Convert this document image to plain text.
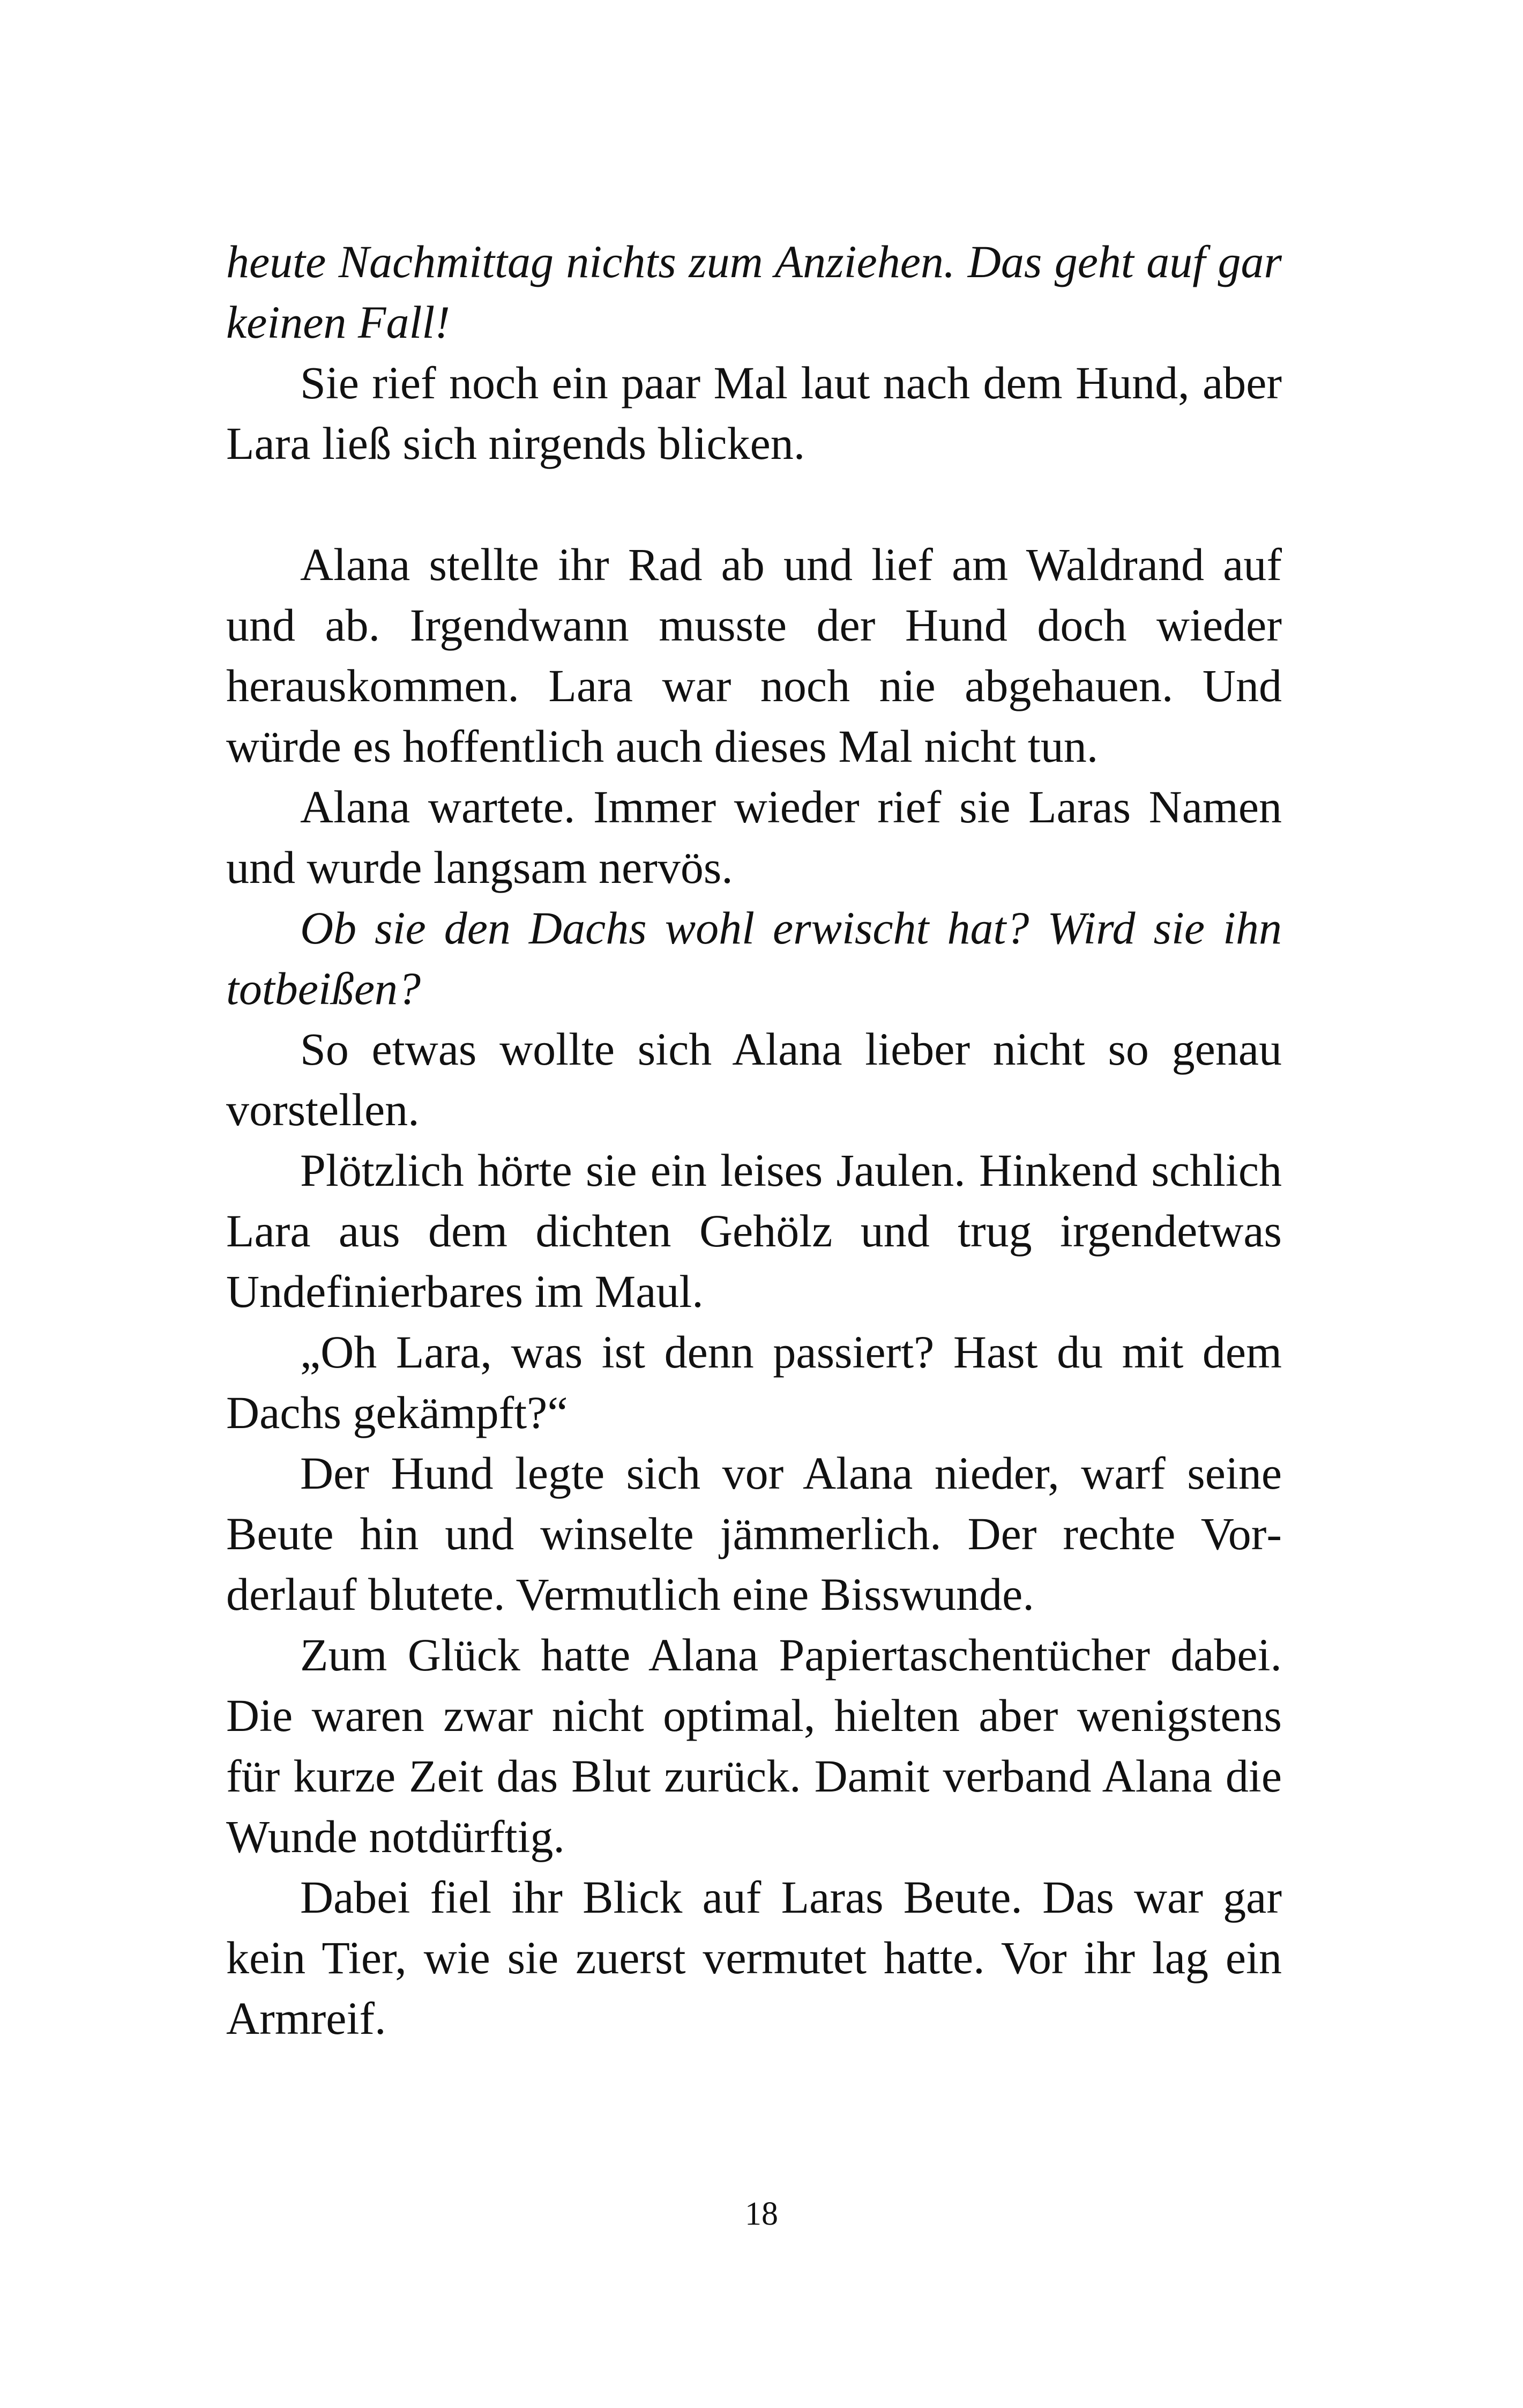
heute Nachmittag nichts zum Anziehen. Das geht auf gar keinen Fall!

Sie rief noch ein paar Mal laut nach dem Hund, aber Lara ließ sich nirgends blicken.

Alana stellte ihr Rad ab und lief am Waldrand auf und ab. Irgendwann musste der Hund doch wieder herauskommen. Lara war noch nie abgehauen. Und würde es hoffentlich auch dieses Mal nicht tun.

Alana wartete. Immer wieder rief sie Laras Namen und wurde langsam nervös.

Ob sie den Dachs wohl erwischt hat? Wird sie ihn totbeißen?

So etwas wollte sich Alana lieber nicht so genau vorstellen.

Plötzlich hörte sie ein leises Jaulen. Hinkend schlich Lara aus dem dichten Gehölz und trug irgendetwas Undefinierbares im Maul.

„Oh Lara, was ist denn passiert? Hast du mit dem Dachs gekämpft?“

Der Hund legte sich vor Alana nieder, warf seine Beute hin und winselte jämmerlich. Der rechte Vorderlauf blutete. Vermutlich eine Bisswunde.

Zum Glück hatte Alana Papiertaschentücher dabei. Die waren zwar nicht optimal, hielten aber wenigstens für kurze Zeit das Blut zurück. Damit verband Alana die Wunde notdürftig.

Dabei fiel ihr Blick auf Laras Beute. Das war gar kein Tier, wie sie zuerst vermutet hatte. Vor ihr lag ein Armreif.

18
